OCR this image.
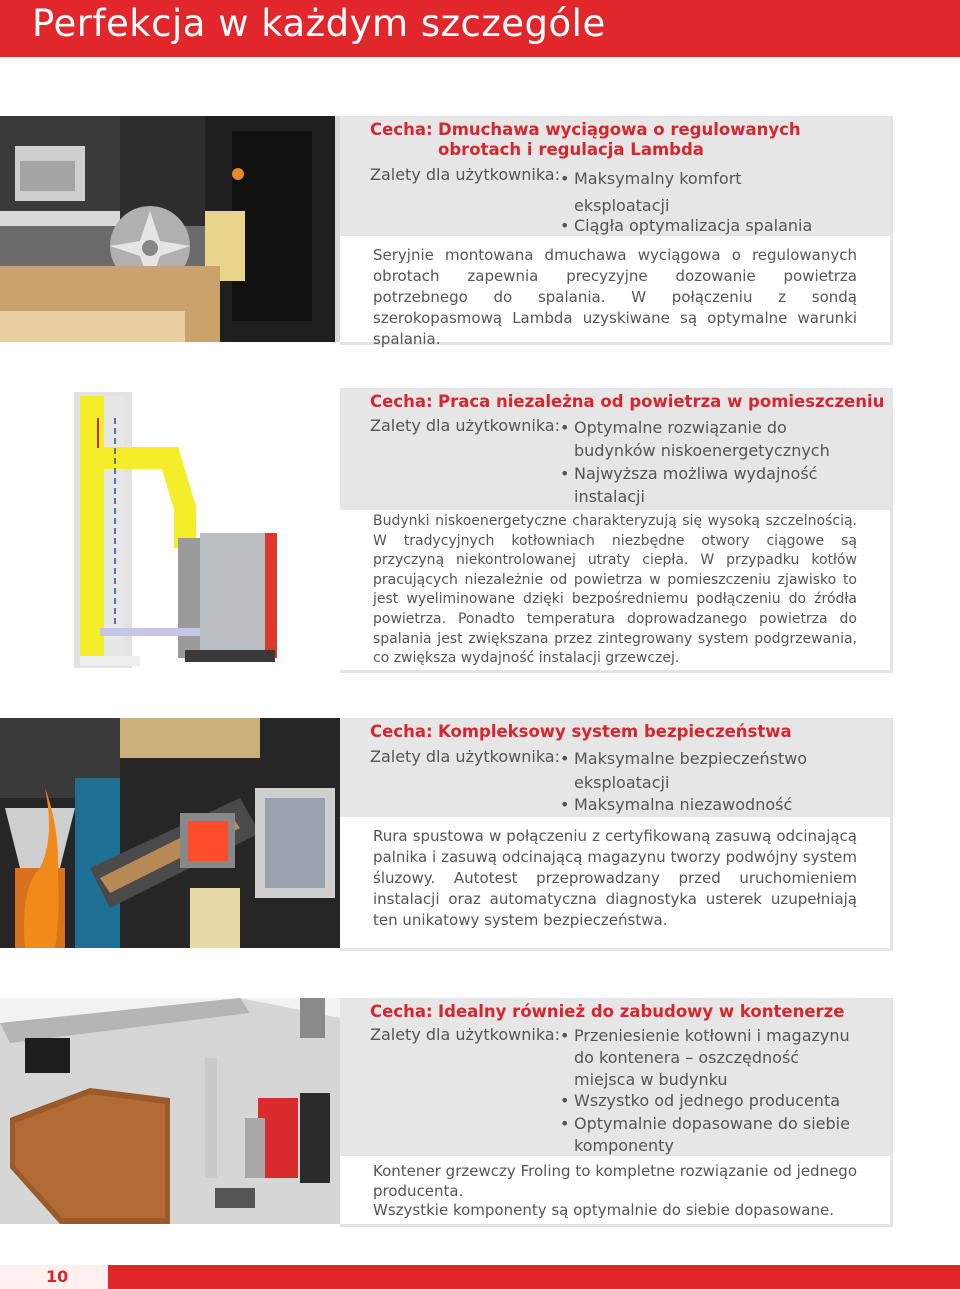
Perfekcja w każdym szczególe
Cecha: Dmuchawa wyciągowa o regulowanych
obrotach i regulacja Lambda
Zalety dla użytkownika: • Maksymalny komfort
eksploatacji
• Ciągła optymalizacja spalania
Seryjnie montowana dmuchawa wyciągowa o regulowanych obrotach zapewnia precyzyjne dozowanie powietrza potrzebnego do spalania. W połączeniu z sondą szerokopasmową Lambda uzyskiwane są optymalne warunki spalania.
Cecha: Praca niezależna od powietrza w pomieszczeniu
Zalety dla użytkownika: • Optymalne rozwiązanie do
budynków niskoenergetycznych
• Najwyższa możliwa wydajność
instalacji
Budynki niskoenergetyczne charakteryzują się wysoką szczelnością. W tradycyjnych kotłowniach niezbędne otwory ciągowe są przyczyną niekontrolowanej utraty ciepła. W przypadku kotłów pracujących niezależnie od powietrza w pomieszczeniu zjawisko to jest wyeliminowane dzięki bezpośredniemu podłączeniu do źródła powietrza. Ponadto temperatura doprowadzanego powietrza do spalania jest zwiększana przez zintegrowany system podgrzewania, co zwiększa wydajność instalacji grzewczej.
Cecha: Kompleksowy system bezpieczeństwa
Zalety dla użytkownika: • Maksymalne bezpieczeństwo
eksploatacji
• Maksymalna niezawodność
Rura spustowa w połączeniu z certyfikowaną zasuwą odcinającą palnika i zasuwą odcinającą magazynu tworzy podwójny system śluzowy. Autotest przeprowadzany przed uruchomieniem instalacji oraz automatyczna diagnostyka usterek uzupełniają ten unikatowy system bezpieczeństwa.
Cecha: Idealny również do zabudowy w kontenerze
Zalety dla użytkownika: • Przeniesienie kotłowni i magazynu
do kontenera – oszczędność
miejsca w budynku
• Wszystko od jednego producenta
• Optymalnie dopasowane do siebie
komponenty
Kontener grzewczy Froling to kompletne rozwiązanie od jednego producenta.
Wszystkie komponenty są optymalnie do siebie dopasowane.
10
